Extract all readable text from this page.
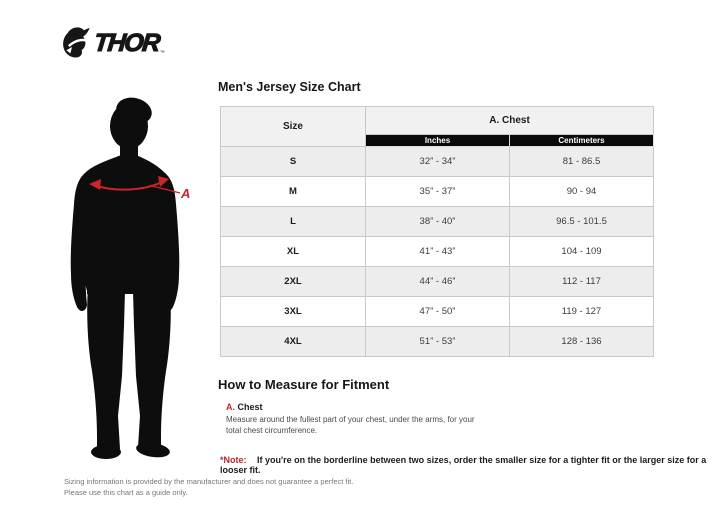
THOR ™
A
Men's Jersey Size Chart
Size	A. Chest	
	Inches	Centimeters
S	32” - 34”	81 - 86.5
M	35” - 37”	90 - 94
L	38” - 40”	96.5 - 101.5
XL	41” - 43”	104 - 109
2XL	44” - 46”	112 - 117
3XL	47” - 50”	119 - 127
4XL	51” - 53”	128 - 136
How to Measure for Fitment
A. Chest
Measure around the fullest part of your chest, under the arms, for your total chest circumference.
*Note: If you're on the borderline between two sizes, order the smaller size for a tighter fit or the larger size for a looser fit.
Sizing information is provided by the manufacturer and does not guarantee a perfect fit. Please use this chart as a guide only.
